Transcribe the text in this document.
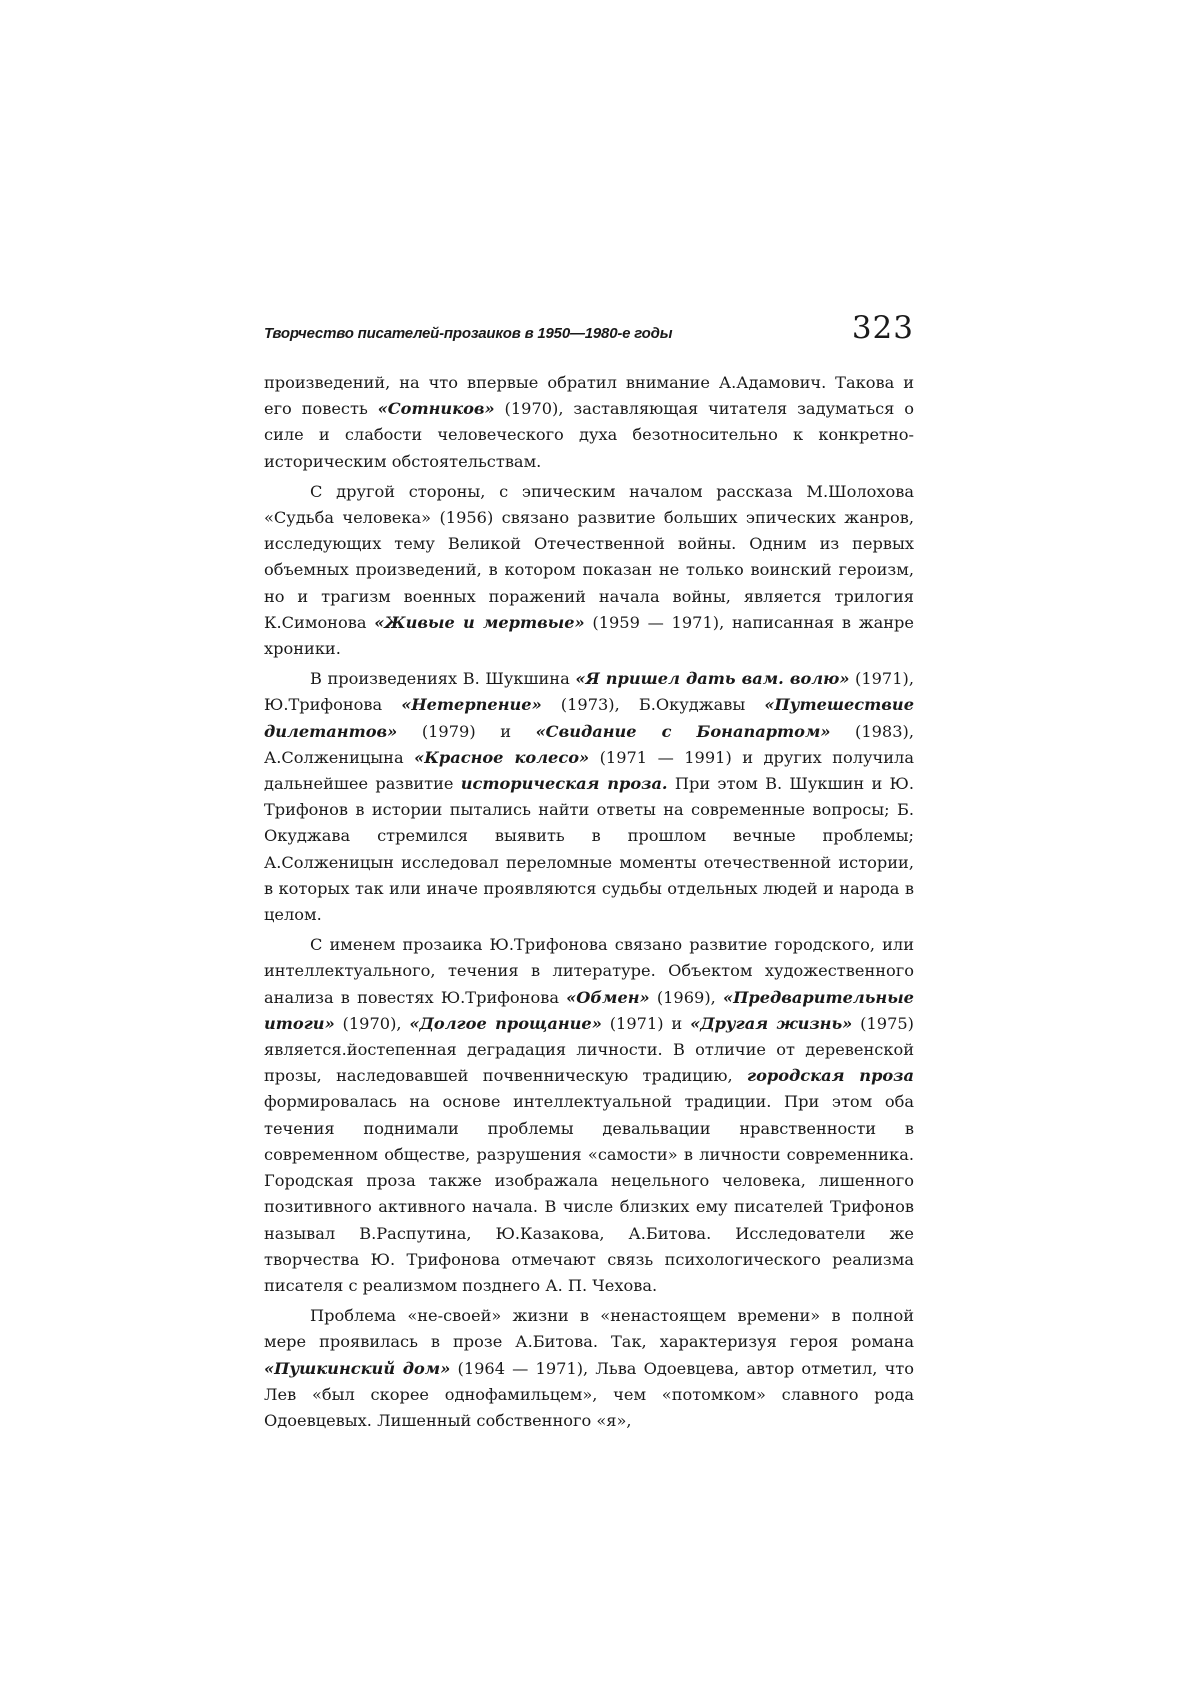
Творчество писателей-прозаиков в 1950—1980-е годы	323

произведений, на что впервые обратил внимание А.Адамович. Такова и его повесть «Сотников» (1970), заставляющая читателя задуматься о силе и слабости человеческого духа безотносительно к конкретно-историческим обстоятельствам.

С другой стороны, с эпическим началом рассказа М.Шолохова «Судьба человека» (1956) связано развитие больших эпических жанров, исследующих тему Великой Отечественной войны. Одним из первых объемных произведений, в котором показан не только воинский героизм, но и трагизм военных поражений начала войны, является трилогия К.Симонова «Живые и мертвые» (1959 — 1971), написанная в жанре хроники.

В произведениях В. Шукшина «Я пришел дать вам. волю» (1971), Ю.Трифонова «Нетерпение» (1973), Б.Окуджавы «Путешествие дилетантов» (1979) и «Свидание с Бонапартом» (1983), А.Солженицына «Красное колесо» (1971 — 1991) и других получила дальнейшее развитие историческая проза. При этом В. Шукшин и Ю. Трифонов в истории пытались найти ответы на современные вопросы; Б. Окуджава стремился выявить в прошлом вечные проблемы; А.Солженицын исследовал переломные моменты отечественной истории, в которых так или иначе проявляются судьбы отдельных людей и народа в целом.

С именем прозаика Ю.Трифонова связано развитие городского, или интеллектуального, течения в литературе. Объектом художественного анализа в повестях Ю.Трифонова «Обмен» (1969), «Предварительные итоги» (1970), «Долгое прощание» (1971) и «Другая жизнь» (1975) является.йостепенная деградация личности. В отличие от деревенской прозы, наследовавшей почвенническую традицию, городская проза формировалась на основе интеллектуальной традиции. При этом оба течения поднимали проблемы девальвации нравственности в современном обществе, разрушения «самости» в личности современника. Городская проза также изображала нецельного человека, лишенного позитивного активного начала. В числе близких ему писателей Трифонов называл В.Распутина, Ю.Казакова, А.Битова. Исследователи же творчества Ю. Трифонова отмечают связь психологического реализма писателя с реализмом позднего А. П. Чехова.

Проблема «не-своей» жизни в «ненастоящем времени» в полной мере проявилась в прозе А.Битова. Так, характеризуя героя романа «Пушкинский дом» (1964 — 1971), Льва Одоевцева, автор отметил, что Лев «был скорее однофамильцем», чем «потомком» славного рода Одоевцевых. Лишенный собственного «я»,
